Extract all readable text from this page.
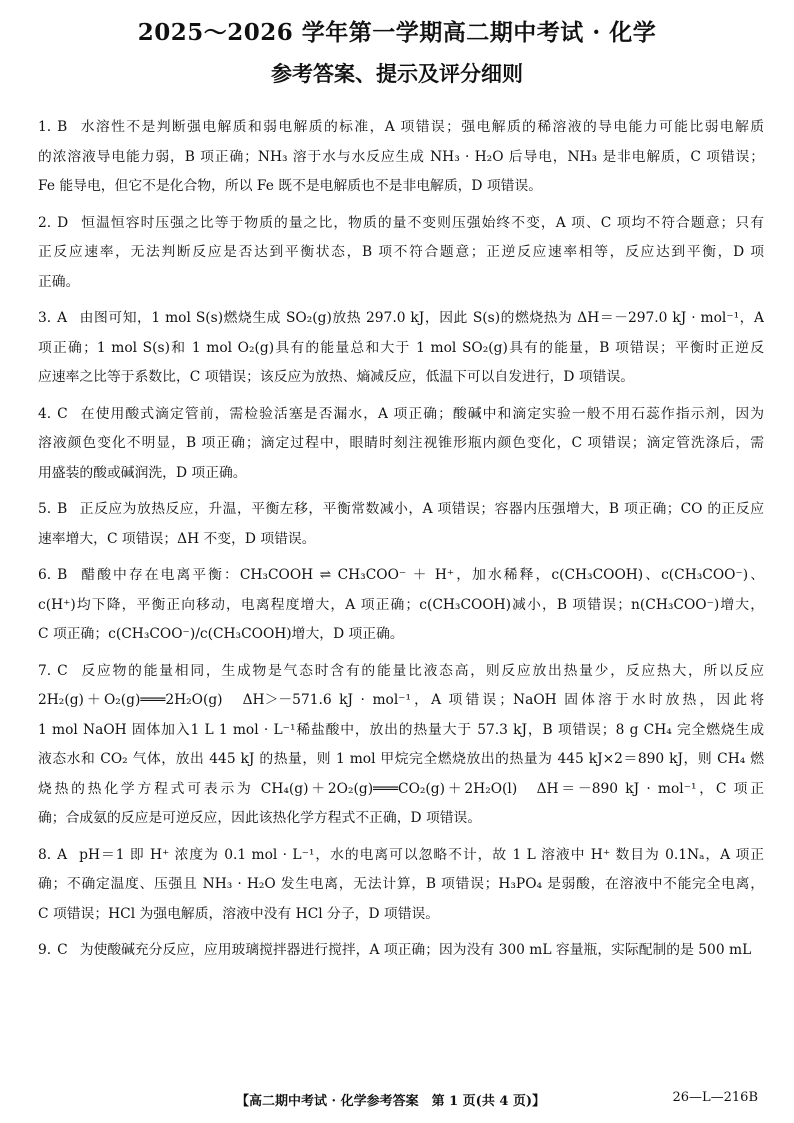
2025～2026 学年第一学期高二期中考试 · 化学
参考答案、提示及评分细则
1. B 水溶性不是判断强电解质和弱电解质的标准，A 项错误；强电解质的稀溶液的导电能力可能比弱电解质
的浓溶液导电能力弱，B 项正确；NH₃ 溶于水与水反应生成 NH₃ · H₂O 后导电，NH₃ 是非电解质，C 项错误；
Fe 能导电，但它不是化合物，所以 Fe 既不是电解质也不是非电解质，D 项错误。
2. D 恒温恒容时压强之比等于物质的量之比，物质的量不变则压强始终不变，A 项、C 项均不符合题意；只有
正反应速率，无法判断反应是否达到平衡状态，B 项不符合题意；正逆反应速率相等，反应达到平衡，D 项
正确。
3. A 由图可知，1 mol S(s)燃烧生成 SO₂(g)放热 297.0 kJ，因此 S(s)的燃烧热为 ΔH＝－297.0 kJ · mol⁻¹，A
项正确；1 mol S(s)和 1 mol O₂(g)具有的能量总和大于 1 mol SO₂(g)具有的能量，B 项错误；平衡时正逆反
应速率之比等于系数比，C 项错误；该反应为放热、熵减反应，低温下可以自发进行，D 项错误。
4. C 在使用酸式滴定管前，需检验活塞是否漏水，A 项正确；酸碱中和滴定实验一般不用石蕊作指示剂，因为
溶液颜色变化不明显，B 项正确；滴定过程中，眼睛时刻注视锥形瓶内颜色变化，C 项错误；滴定管洗涤后，需
用盛装的酸或碱润洗，D 项正确。
5. B 正反应为放热反应，升温，平衡左移，平衡常数减小，A 项错误；容器内压强增大，B 项正确；CO 的正反应
速率增大，C 项错误；ΔH 不变，D 项错误。
6. B 醋酸中存在电离平衡：CH₃COOH ⇌ CH₃COO⁻ ＋ H⁺，加水稀释，c(CH₃COOH)、c(CH₃COO⁻)、
c(H⁺)均下降，平衡正向移动，电离程度增大，A 项正确；c(CH₃COOH)减小，B 项错误；n(CH₃COO⁻)增大，
C 项正确；c(CH₃COO⁻)/c(CH₃COOH)增大，D 项正确。
7. C 反应物的能量相同，生成物是气态时含有的能量比液态高，则反应放出热量少，反应热大，所以反应
2H₂(g)＋O₂(g)═══2H₂O(g)　ΔH＞－571.6 kJ · mol⁻¹，A 项错误；NaOH 固体溶于水时放热，因此将
1 mol NaOH 固体加入1 L 1 mol · L⁻¹稀盐酸中，放出的热量大于 57.3 kJ，B 项错误；8 g CH₄ 完全燃烧生成
液态水和 CO₂ 气体，放出 445 kJ 的热量，则 1 mol 甲烷完全燃烧放出的热量为 445 kJ×2＝890 kJ，则 CH₄ 燃
烧热的热化学方程式可表示为 CH₄(g)＋2O₂(g)═══CO₂(g)＋2H₂O(l)　ΔH＝－890 kJ · mol⁻¹，C 项正
确；合成氨的反应是可逆反应，因此该热化学方程式不正确，D 项错误。
8. A pH＝1 即 H⁺ 浓度为 0.1 mol · L⁻¹，水的电离可以忽略不计，故 1 L 溶液中 H⁺ 数目为 0.1Nₐ，A 项正
确；不确定温度、压强且 NH₃ · H₂O 发生电离，无法计算，B 项错误；H₃PO₄ 是弱酸，在溶液中不能完全电离，
C 项错误；HCl 为强电解质，溶液中没有 HCl 分子，D 项错误。
9. C 为使酸碱充分反应，应用玻璃搅拌器进行搅拌，A 项正确；因为没有 300 mL 容量瓶，实际配制的是 500 mL
【高二期中考试 · 化学参考答案　第 1 页(共 4 页)】	26—L—216B
